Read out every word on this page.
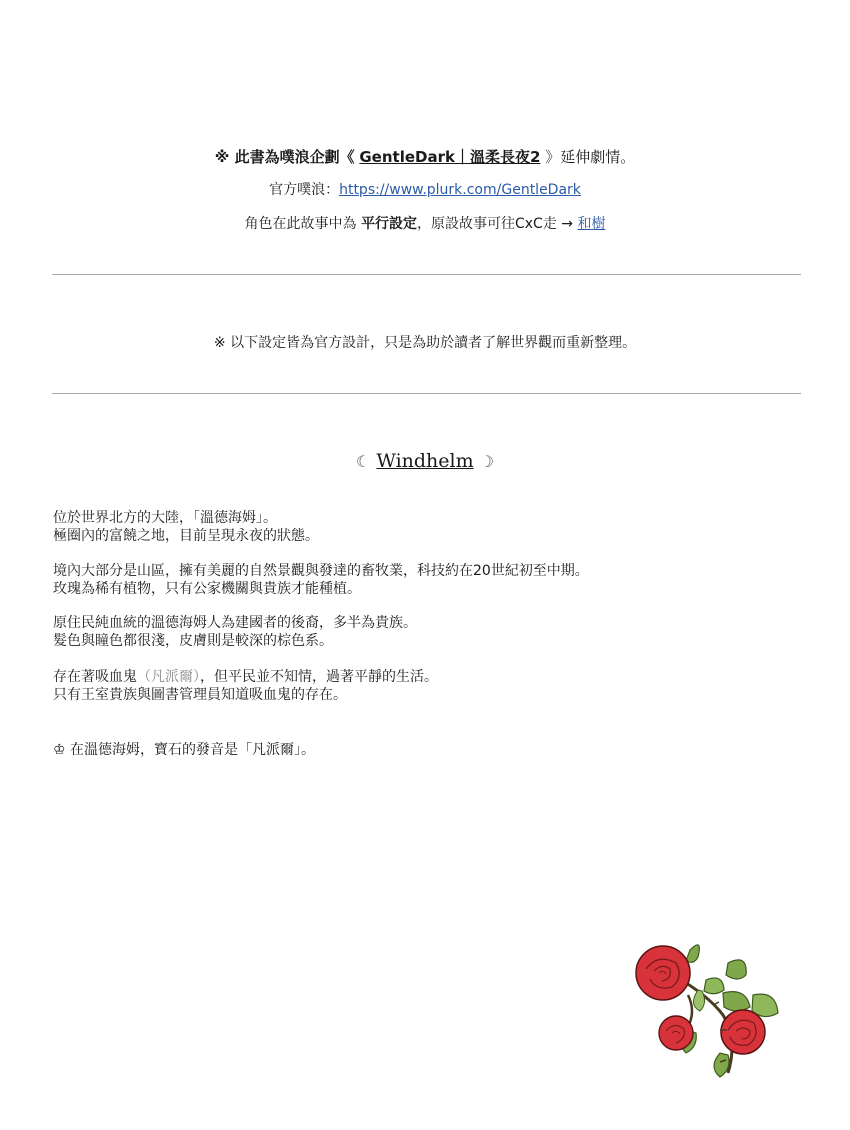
※ 此書為噗浪企劃《 GentleDark｜溫柔長夜2 》延伸劇情。
官方噗浪：https://www.plurk.com/GentleDark
角色在此故事中為 平行設定，原設故事可往CxC走 → 和樹
※ 以下設定皆為官方設計，只是為助於讀者了解世界觀而重新整理。
☾ Windhelm ☽
位於世界北方的大陸，「溫德海姆」。
極圈內的富饒之地，目前呈現永夜的狀態。
境內大部分是山區，擁有美麗的自然景觀與發達的畜牧業，科技約在20世紀初至中期。
玫瑰為稀有植物，只有公家機關與貴族才能種植。
原住民純血統的溫德海姆人為建國者的後裔，多半為貴族。
髮色與瞳色都很淺，皮膚則是較深的棕色系。
存在著吸血鬼（凡派爾），但平民並不知情，過著平靜的生活。
只有王室貴族與圖書管理員知道吸血鬼的存在。
♔ 在溫德海姆，寶石的發音是「凡派爾」。
